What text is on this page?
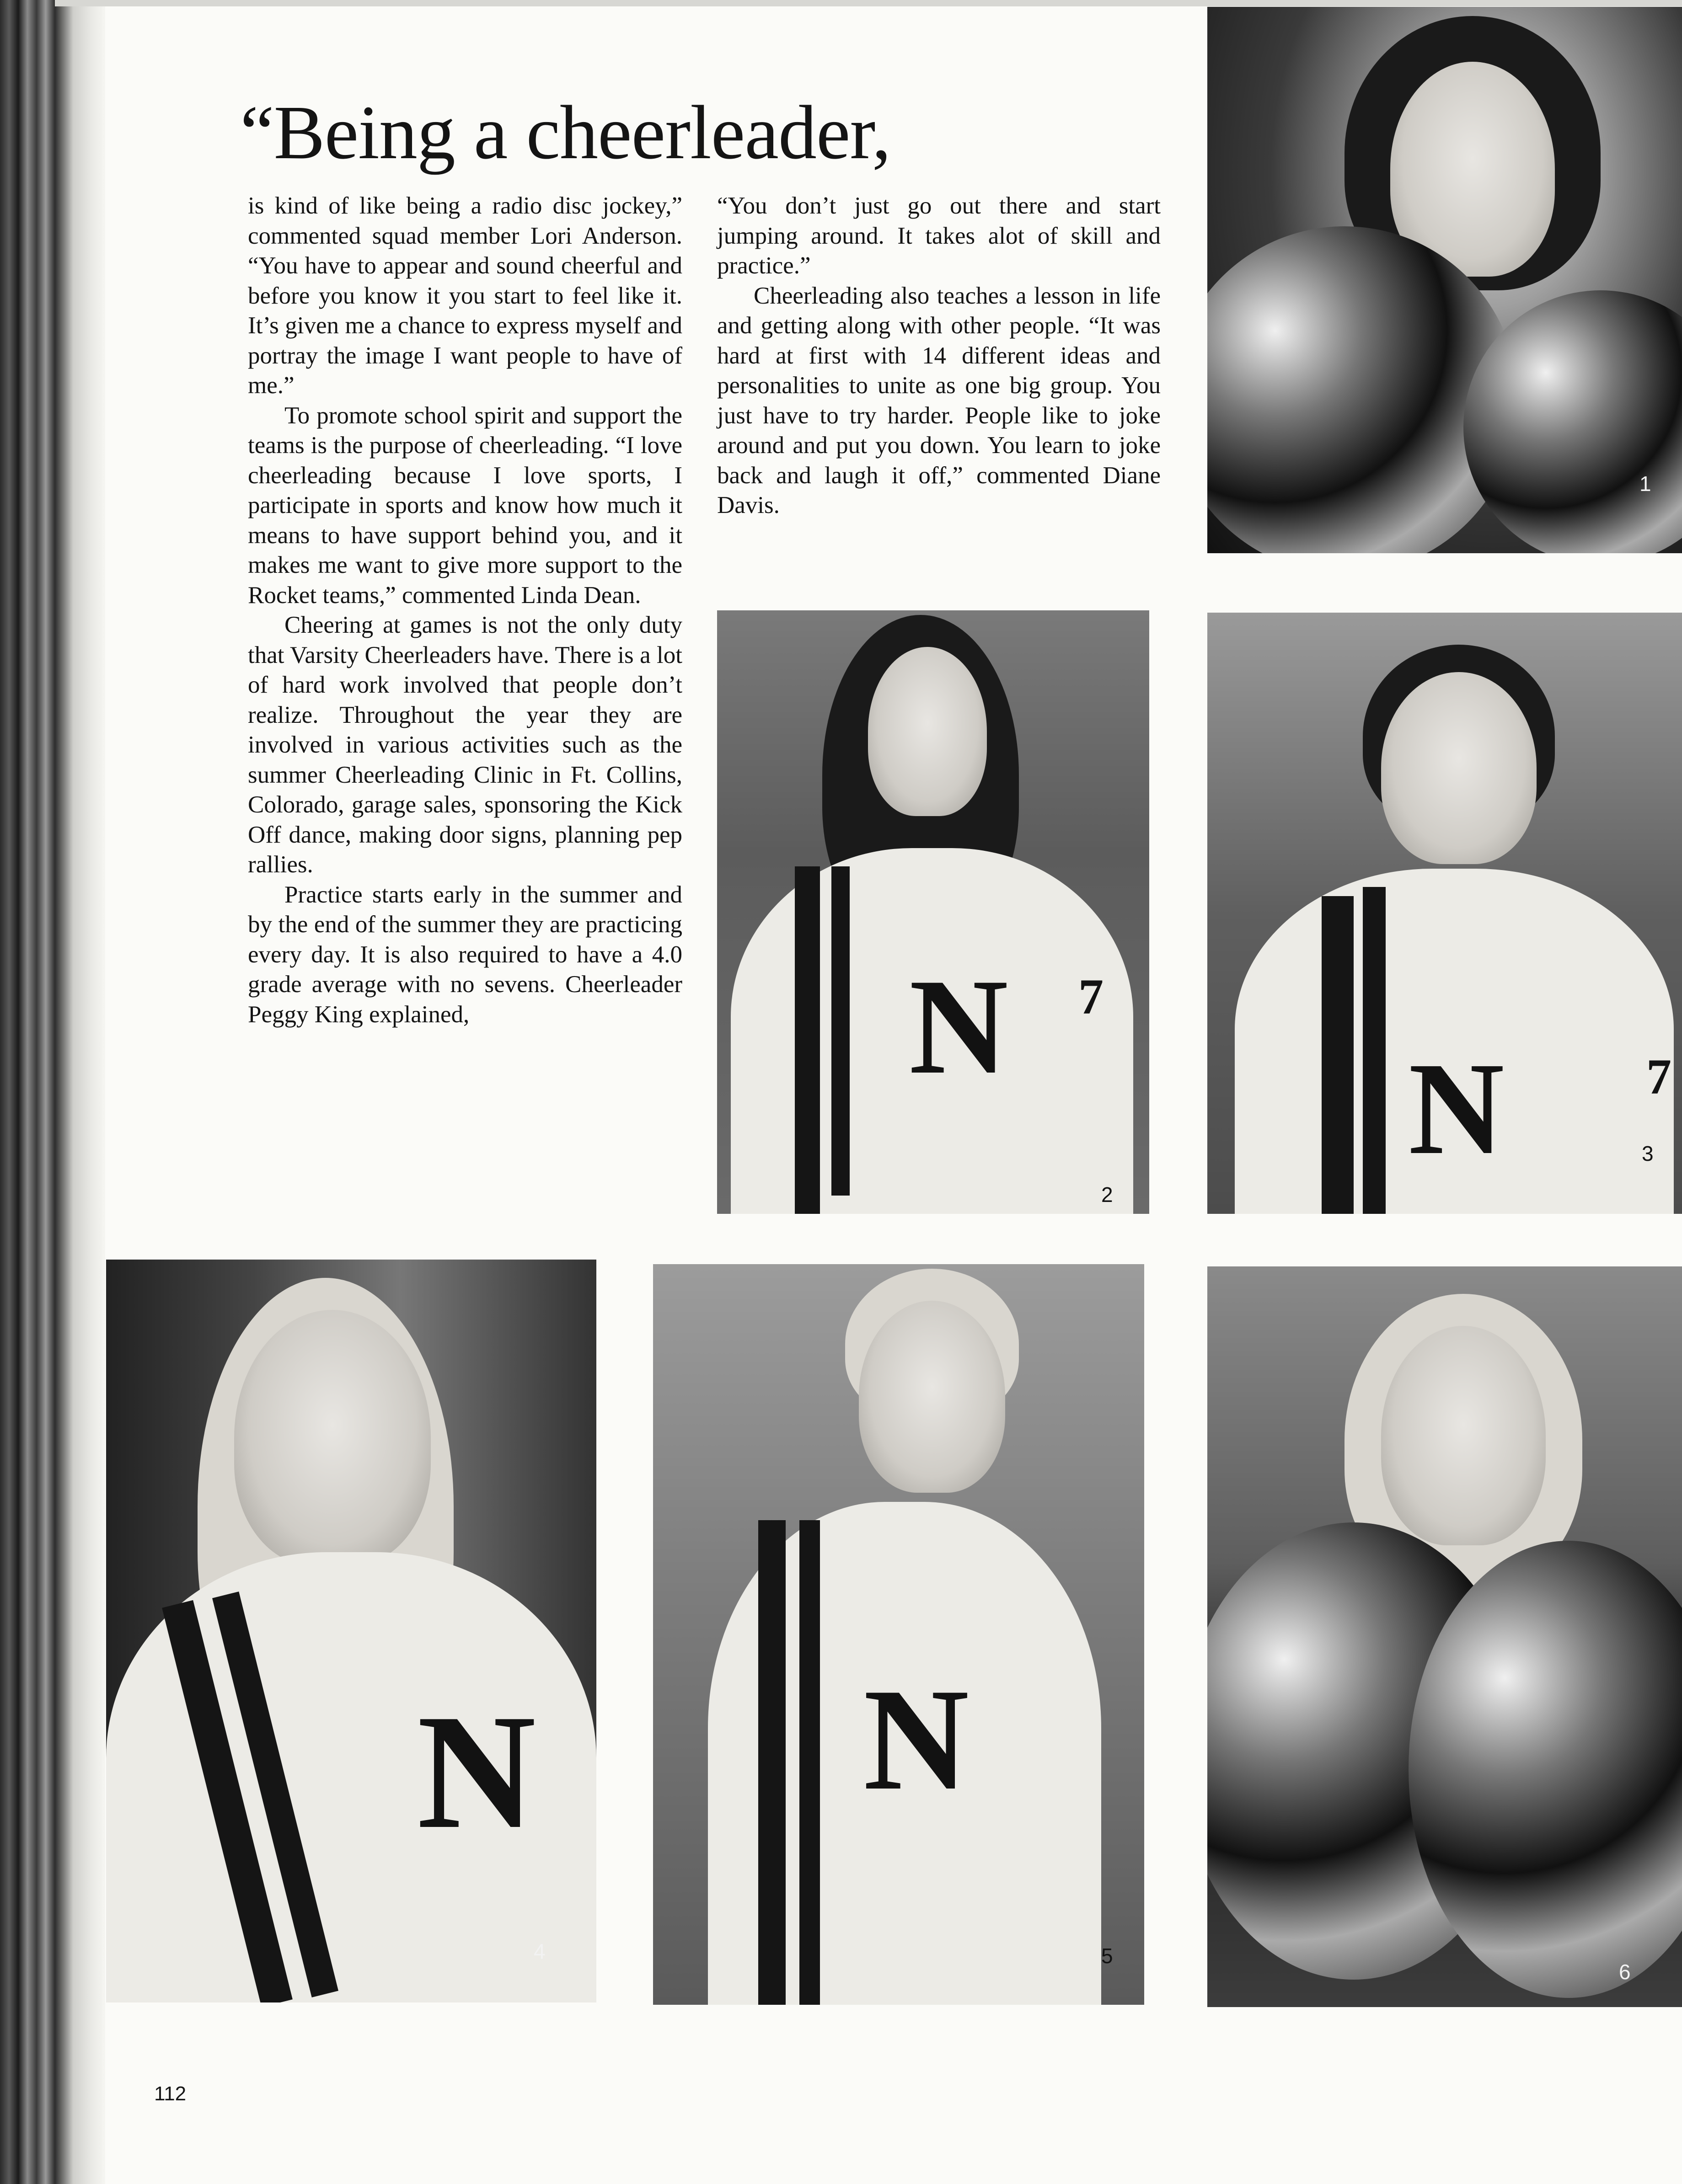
“Being a cheerleader,

is kind of like being a radio disc jockey,” commented squad member Lori Anderson. “You have to appear and sound cheerful and before you know it you start to feel like it. It’s given me a chance to express myself and portray the image I want people to have of me.”

To promote school spirit and support the teams is the purpose of cheerleading. “I love cheerleading because I love sports, I participate in sports and know how much it means to have support behind you, and it makes me want to give more support to the Rocket teams,” commented Linda Dean.

Cheering at games is not the only duty that Varsity Cheerleaders have. There is a lot of hard work involved that people don’t realize. Throughout the year they are involved in various activities such as the summer Cheerleading Clinic in Ft. Collins, Colorado, garage sales, sponsoring the Kick Off dance, making door signs, planning pep rallies.

Practice starts early in the summer and by the end of the summer they are practicing every day. It is also required to have a 4.0 grade average with no sevens. Cheerleader Peggy King explained,

“You don’t just go out there and start jumping around. It takes alot of skill and practice.”

Cheerleading also teaches a lesson in life and getting along with other people. “It was hard at first with 14 different ideas and personalities to unite as one big group. You just have to try harder. People like to joke around and put you down. You learn to joke back and laugh it off,” commented Diane Davis.

1
N 7
2
N	7
3
N
4
N
5
6
112
